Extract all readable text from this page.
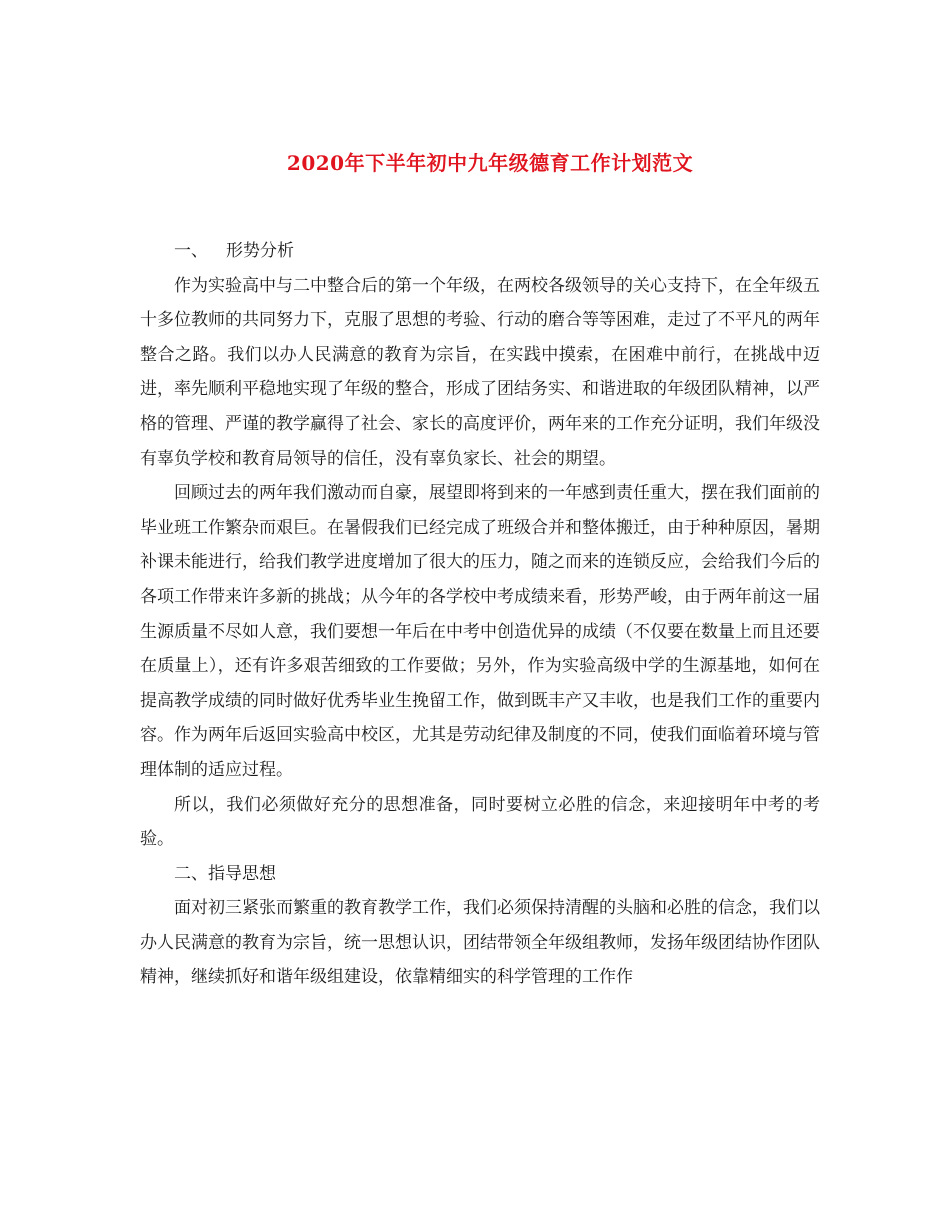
2020年下半年初中九年级德育工作计划范文

一、 形势分析

作为实验高中与二中整合后的第一个年级，在两校各级领导的关心支持下，在全年级五十多位教师的共同努力下，克服了思想的考验、行动的磨合等等困难，走过了不平凡的两年整合之路。我们以办人民满意的教育为宗旨，在实践中摸索，在困难中前行，在挑战中迈进，率先顺利平稳地实现了年级的整合，形成了团结务实、和谐进取的年级团队精神，以严格的管理、严谨的教学赢得了社会、家长的高度评价，两年来的工作充分证明，我们年级没有辜负学校和教育局领导的信任，没有辜负家长、社会的期望。

回顾过去的两年我们激动而自豪，展望即将到来的一年感到责任重大，摆在我们面前的毕业班工作繁杂而艰巨。在暑假我们已经完成了班级合并和整体搬迁，由于种种原因，暑期补课未能进行，给我们教学进度增加了很大的压力，随之而来的连锁反应，会给我们今后的各项工作带来许多新的挑战；从今年的各学校中考成绩来看，形势严峻，由于两年前这一届生源质量不尽如人意，我们要想一年后在中考中创造优异的成绩（不仅要在数量上而且还要在质量上），还有许多艰苦细致的工作要做；另外，作为实验高级中学的生源基地，如何在提高教学成绩的同时做好优秀毕业生挽留工作，做到既丰产又丰收，也是我们工作的重要内容。作为两年后返回实验高中校区，尤其是劳动纪律及制度的不同，使我们面临着环境与管理体制的适应过程。

所以，我们必须做好充分的思想准备，同时要树立必胜的信念，来迎接明年中考的考验。

二、指导思想

面对初三紧张而繁重的教育教学工作，我们必须保持清醒的头脑和必胜的信念，我们以办人民满意的教育为宗旨，统一思想认识，团结带领全年级组教师，发扬年级团结协作团队精神，继续抓好和谐年级组建设，依靠精细实的科学管理的工作作
